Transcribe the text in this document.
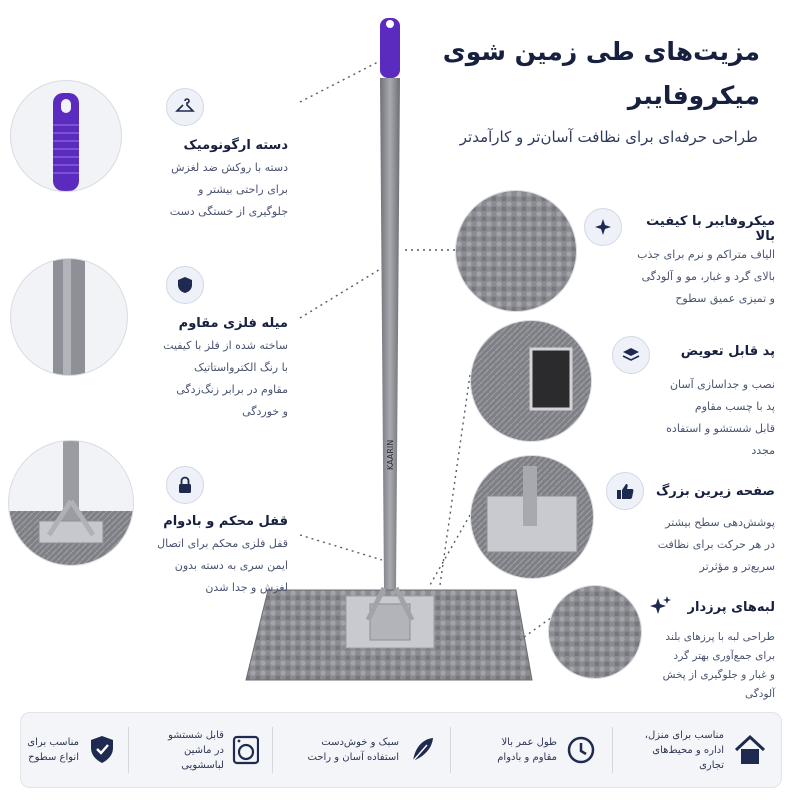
مزیت‌های طی زمین‌ شوی
میکروفایبر
طراحی حرفه‌ای برای نظافت آسان‌تر و کارآمدتر
KAARIN
دسته ارگونومیک
دسته با روکش ضد لغزش
برای راحتی بیشتر و
جلوگیری از خستگی دست
میله فلزی مقاوم
ساخته شده از فلز با کیفیت
با رنگ الکترواستاتیک
مقاوم در برابر زنگ‌زدگی
و خوردگی
قفل محکم و بادوام
قفل فلزی محکم برای اتصال
ایمن سری به دسته بدون
لغزش و جدا شدن
میکروفایبر با کیفیت بالا
الیاف متراکم و نرم برای جذب
بالای گرد و غبار، مو و آلودگی
و تمیزی عمیق سطوح
پد قابل تعویض
نصب و جداسازی آسان
پد با چسب مقاوم
قابل شستشو و استفاده
مجدد
صفحه زیرین بزرگ
پوشش‌دهی سطح بیشتر
در هر حرکت برای نظافت
سریع‌تر و مؤثرتر
لبه‌های پرزدار
طراحی لبه با پرزهای بلند
برای جمع‌آوری بهتر گرد
و غبار و جلوگیری از پخش
آلودگی
مناسب برای منزل،
اداره و محیط‌های تجاری
طول عمر بالا
مقاوم و بادوام
سبک و خوش‌دست
استفاده آسان و راحت
قابل شستشو
در ماشین لباسشویی
مناسب برای
انواع سطوح
